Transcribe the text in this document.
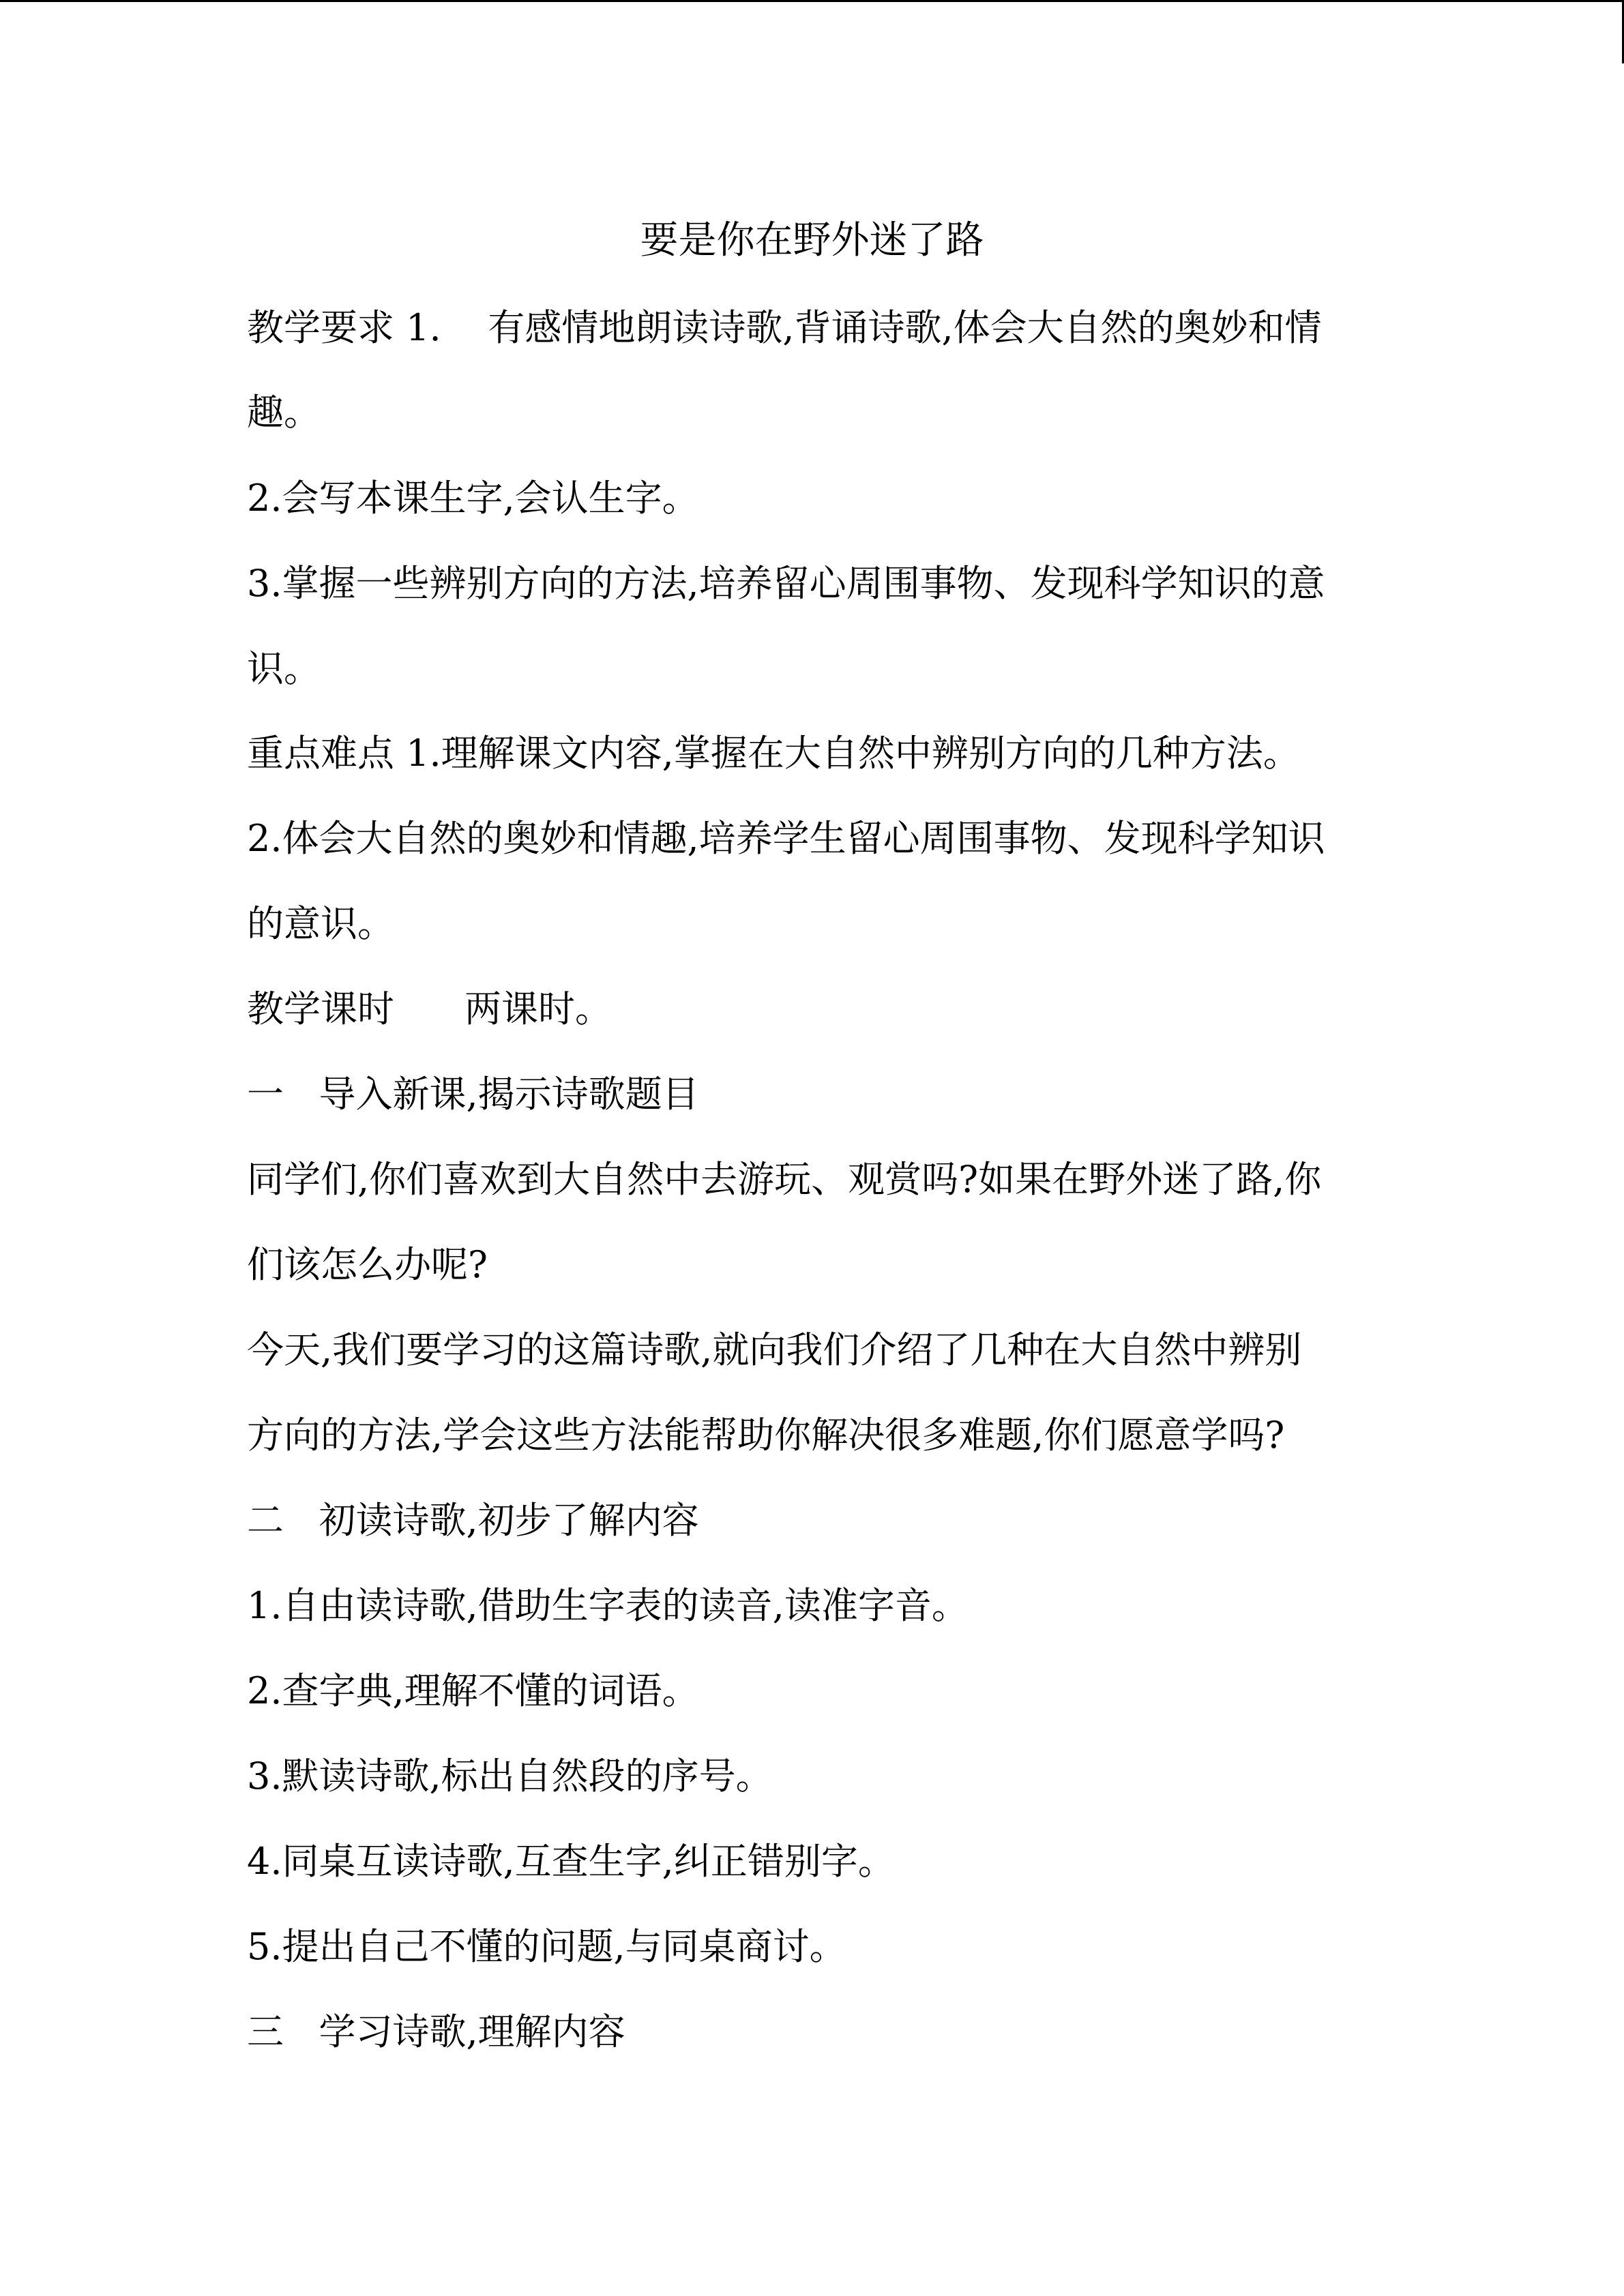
要是你在野外迷了路
教学要求 1.    有感情地朗读诗歌,背诵诗歌,体会大自然的奥妙和情
趣。
2.会写本课生字,会认生字。
3.掌握一些辨别方向的方法,培养留心周围事物、发现科学知识的意
识。
重点难点 1.理解课文内容,掌握在大自然中辨别方向的几种方法。
2.体会大自然的奥妙和情趣,培养学生留心周围事物、发现科学知识
的意识。
教学课时      两课时。
一   导入新课,揭示诗歌题目
同学们,你们喜欢到大自然中去游玩、观赏吗?如果在野外迷了路,你
们该怎么办呢?
今天,我们要学习的这篇诗歌,就向我们介绍了几种在大自然中辨别
方向的方法,学会这些方法能帮助你解决很多难题,你们愿意学吗?
二   初读诗歌,初步了解内容
1.自由读诗歌,借助生字表的读音,读准字音。
2.查字典,理解不懂的词语。
3.默读诗歌,标出自然段的序号。
4.同桌互读诗歌,互查生字,纠正错别字。
5.提出自己不懂的问题,与同桌商讨。
三   学习诗歌,理解内容
